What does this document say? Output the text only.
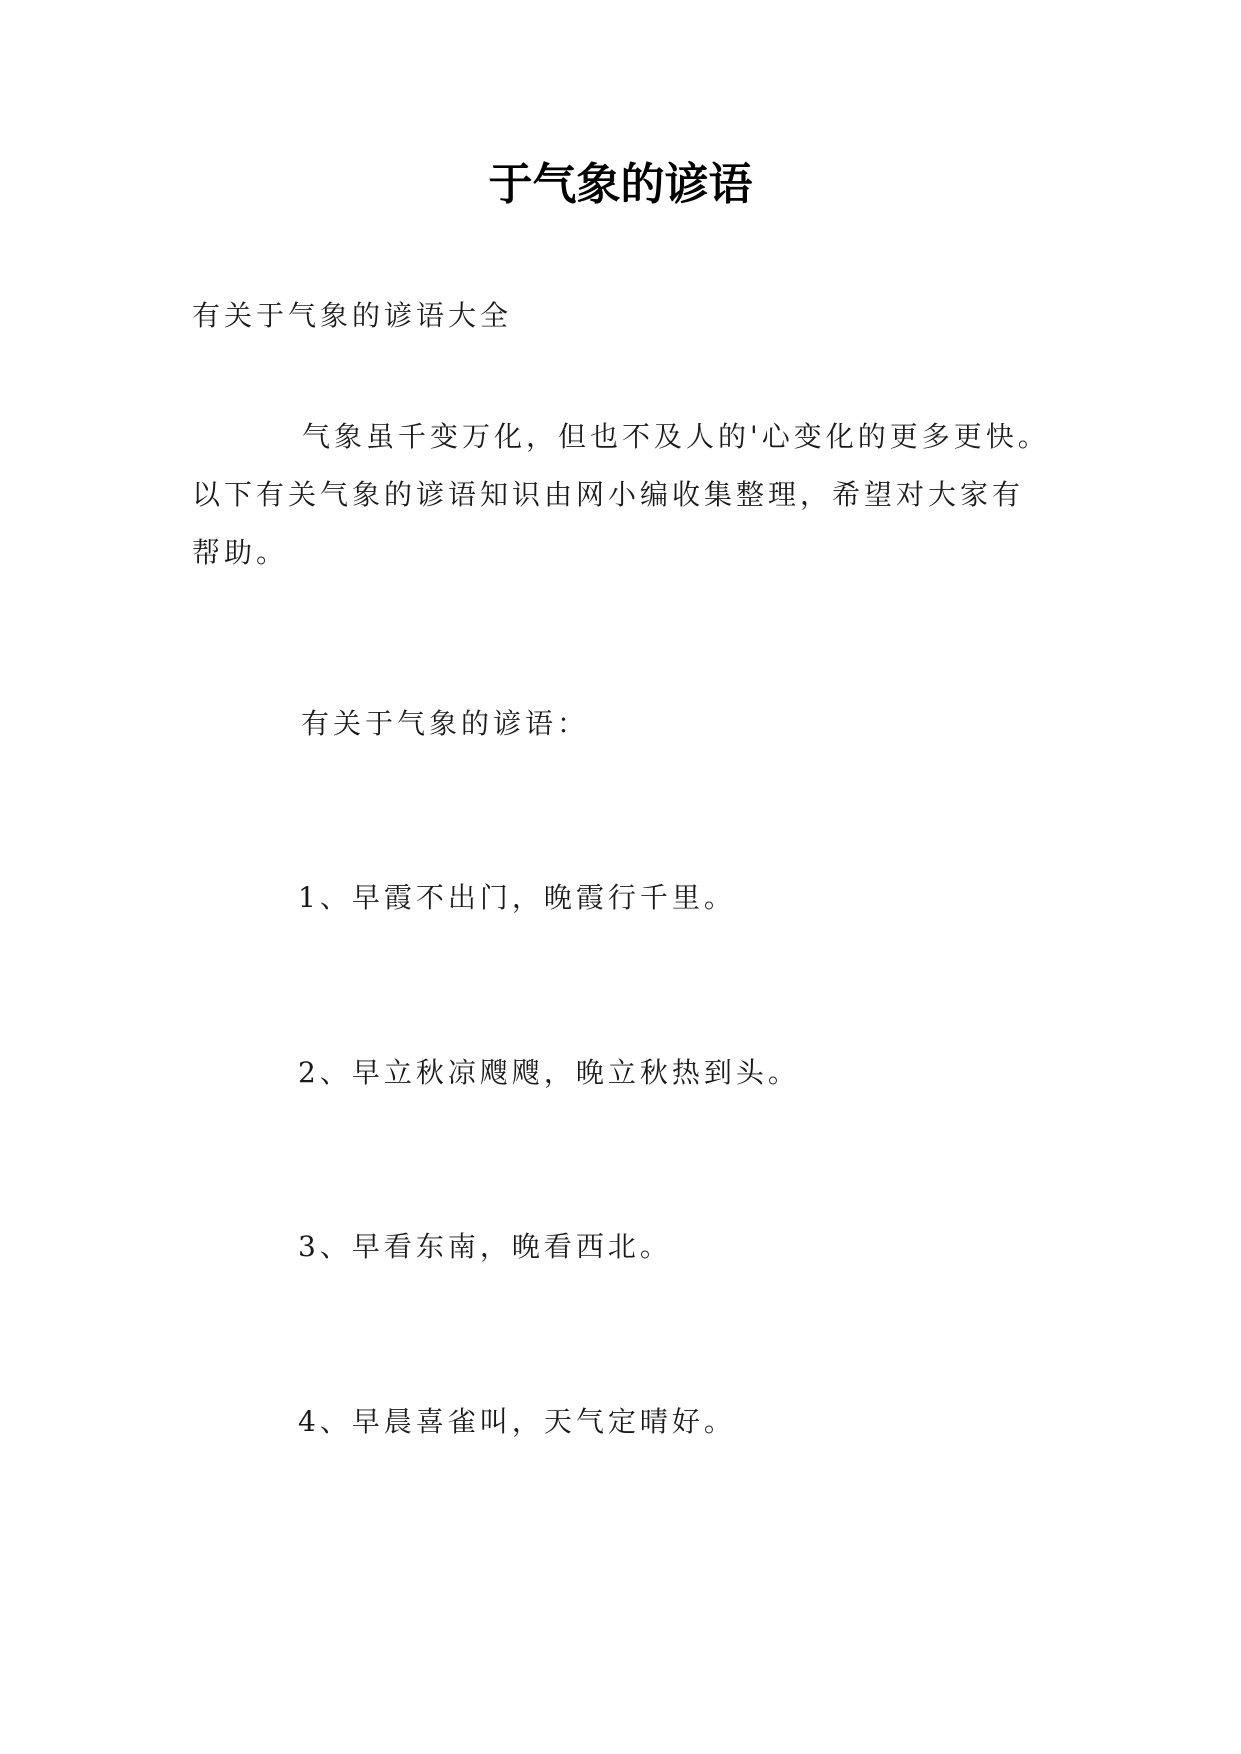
于气象的谚语

有关于气象的谚语大全

气象虽千变万化，但也不及人的'心变化的更多更快。
以下有关气象的谚语知识由网小编收集整理，希望对大家有
帮助。

有关于气象的谚语：

1、早霞不出门，晚霞行千里。

2、早立秋凉飕飕，晚立秋热到头。

3、早看东南，晚看西北。

4、早晨喜雀叫，天气定晴好。
